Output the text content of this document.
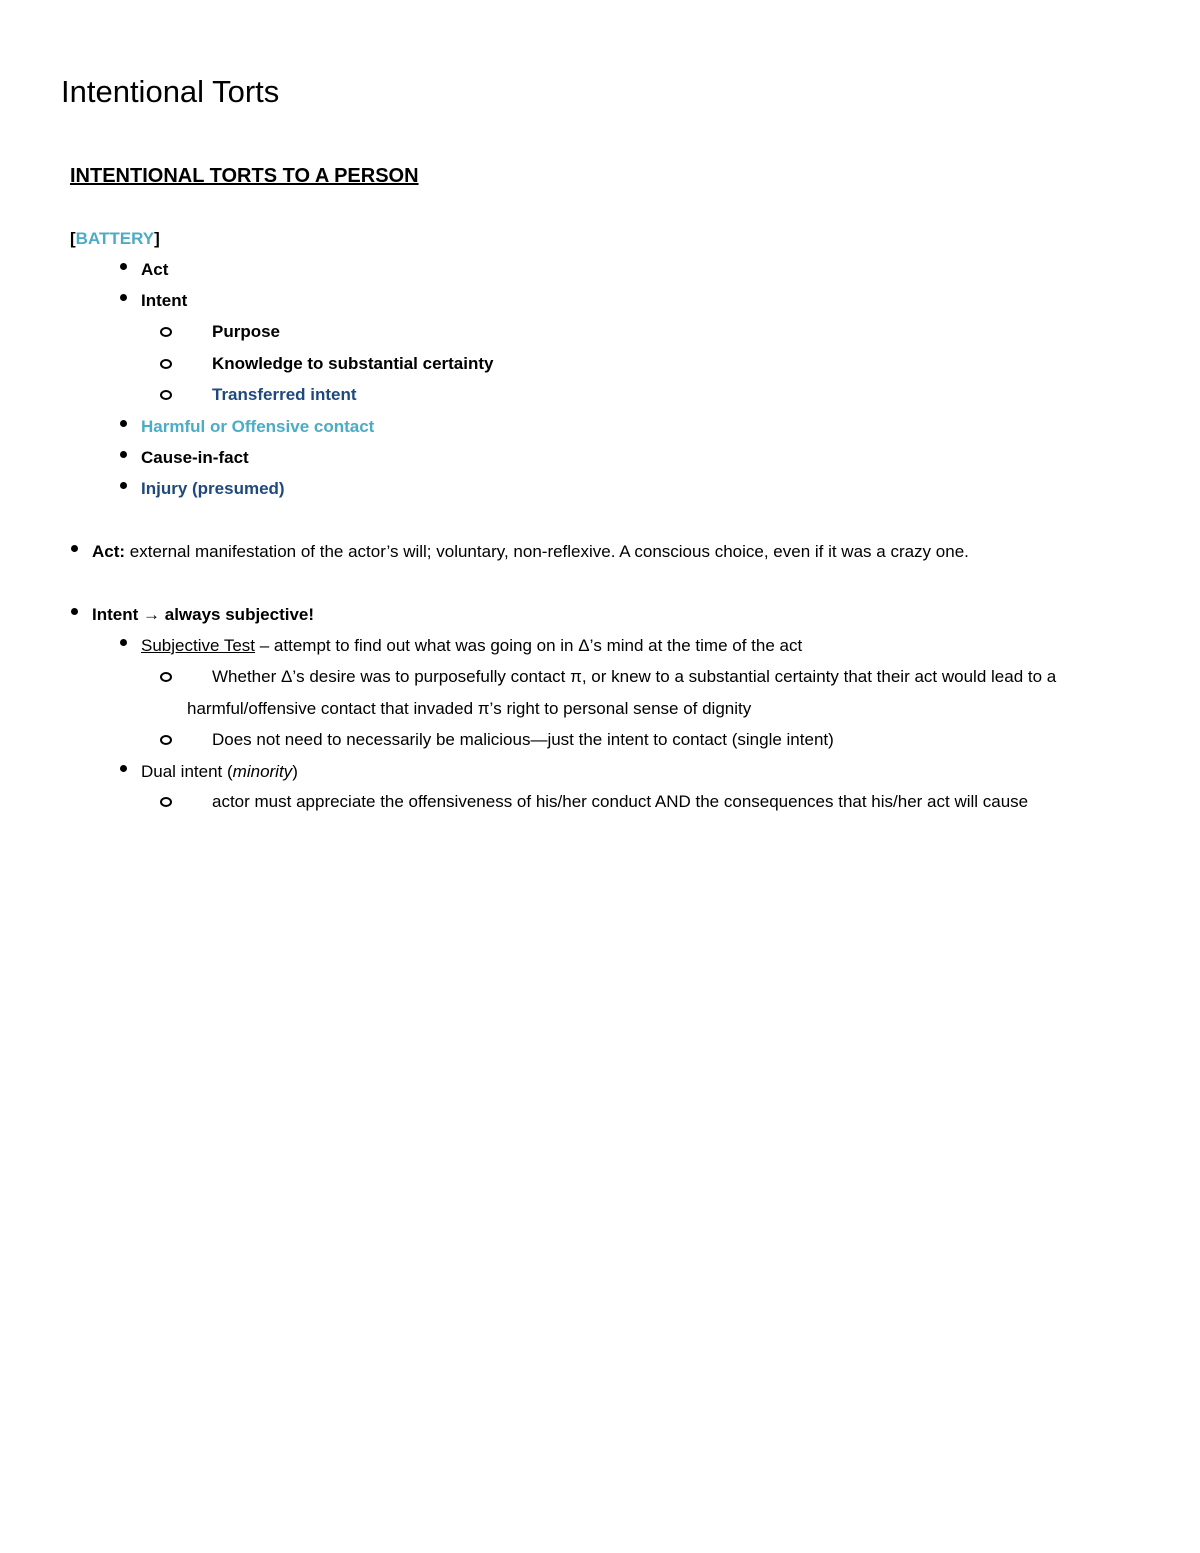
Intentional Torts
INTENTIONAL TORTS TO A PERSON
[BATTERY]
Act
Intent
Purpose
Knowledge to substantial certainty
Transferred intent
Harmful or Offensive contact
Cause-in-fact
Injury (presumed)
Act: external manifestation of the actor’s will; voluntary, non-reflexive. A conscious choice, even if it was a crazy one.
Intent → always subjective!
Subjective Test – attempt to find out what was going on in Δ’s mind at the time of the act
Whether Δ’s desire was to purposefully contact π, or knew to a substantial certainty that their act would lead to a
harmful/offensive contact that invaded π’s right to personal sense of dignity
Does not need to necessarily be malicious—just the intent to contact (single intent)
Dual intent (minority)
actor must appreciate the offensiveness of his/her conduct AND the consequences that his/her act will cause
